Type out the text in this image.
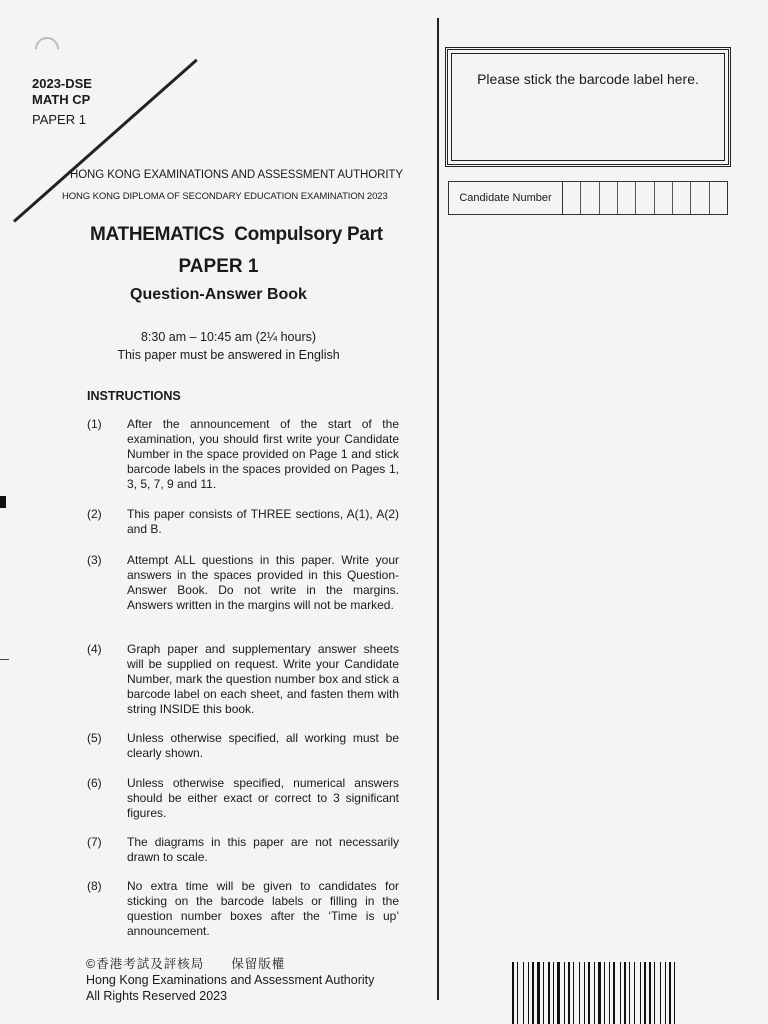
2023-DSE
MATH CP
PAPER 1
HONG KONG EXAMINATIONS AND ASSESSMENT AUTHORITY
HONG KONG DIPLOMA OF SECONDARY EDUCATION EXAMINATION 2023
MATHEMATICS  Compulsory Part
PAPER 1
Question-Answer Book
8:30 am – 10:45 am (2¼ hours)
This paper must be answered in English
INSTRUCTIONS
(1) After the announcement of the start of the examination, you should first write your Candidate Number in the space provided on Page 1 and stick barcode labels in the spaces provided on Pages 1, 3, 5, 7, 9 and 11.
(2) This paper consists of THREE sections, A(1), A(2) and B.
(3) Attempt ALL questions in this paper. Write your answers in the spaces provided in this Question-Answer Book. Do not write in the margins. Answers written in the margins will not be marked.
(4) Graph paper and supplementary answer sheets will be supplied on request. Write your Candidate Number, mark the question number box and stick a barcode label on each sheet, and fasten them with string INSIDE this book.
(5) Unless otherwise specified, all working must be clearly shown.
(6) Unless otherwise specified, numerical answers should be either exact or correct to 3 significant figures.
(7) The diagrams in this paper are not necessarily drawn to scale.
(8) No extra time will be given to candidates for sticking on the barcode labels or filling in the question number boxes after the ‘Time is up’ announcement.
©香港考試及評核局　　保留版權
Hong Kong Examinations and Assessment Authority
All Rights Reserved 2023
Please stick the barcode label here.
Candidate Number
